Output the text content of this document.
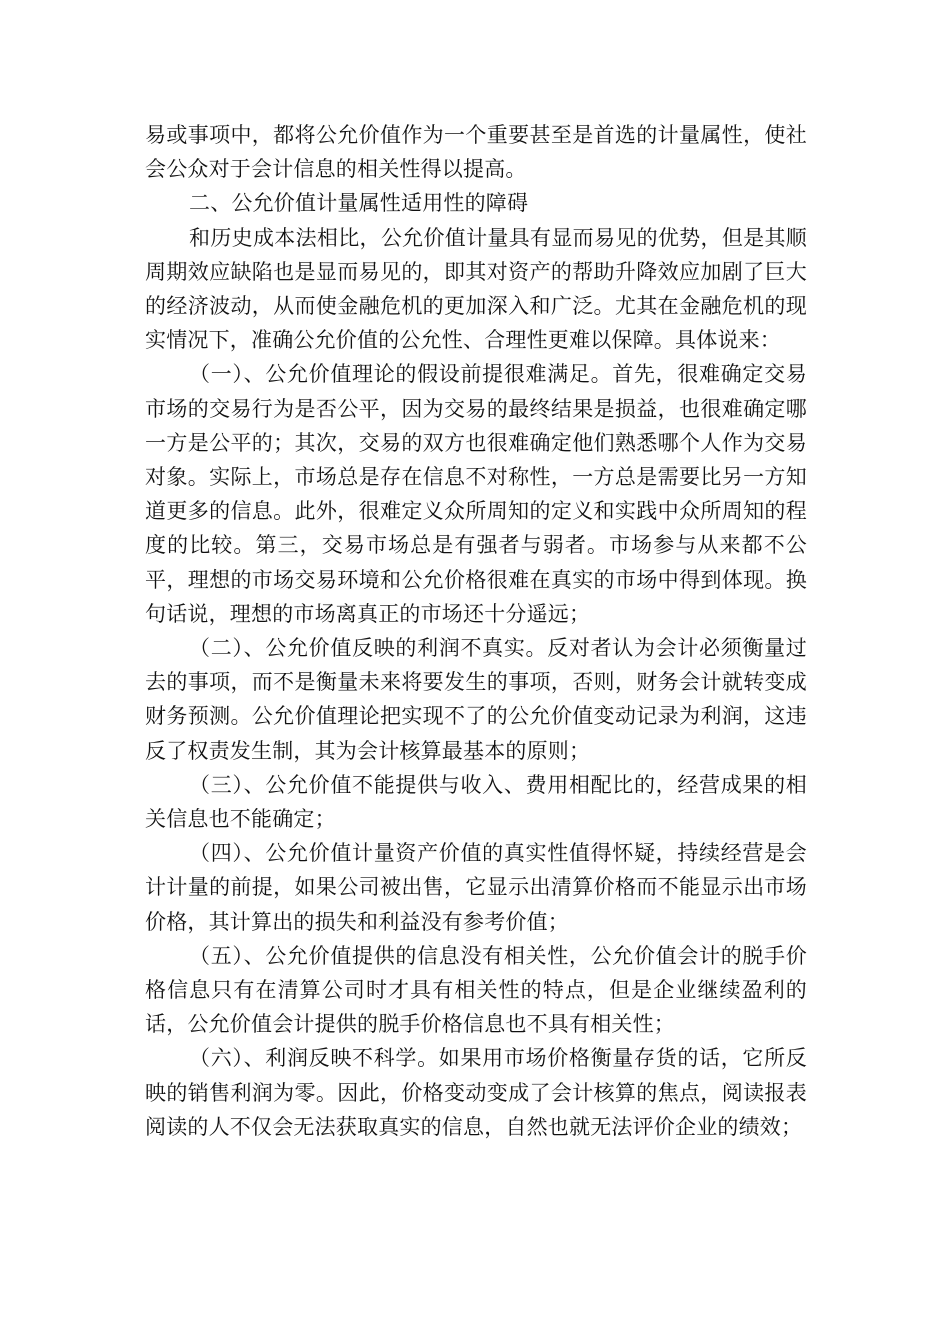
易或事项中，都将公允价值作为一个重要甚至是首选的计量属性，使社会公众对于会计信息的相关性得以提高。

二、公允价值计量属性适用性的障碍

和历史成本法相比，公允价值计量具有显而易见的优势，但是其顺周期效应缺陷也是显而易见的，即其对资产的帮助升降效应加剧了巨大的经济波动，从而使金融危机的更加深入和广泛。尤其在金融危机的现实情况下，准确公允价值的公允性、合理性更难以保障。具体说来：

（一）、公允价值理论的假设前提很难满足。首先，很难确定交易市场的交易行为是否公平，因为交易的最终结果是损益，也很难确定哪一方是公平的；其次，交易的双方也很难确定他们熟悉哪个人作为交易对象。实际上，市场总是存在信息不对称性，一方总是需要比另一方知道更多的信息。此外，很难定义众所周知的定义和实践中众所周知的程度的比较。第三，交易市场总是有强者与弱者。市场参与从来都不公平，理想的市场交易环境和公允价格很难在真实的市场中得到体现。换句话说，理想的市场离真正的市场还十分遥远；

（二）、公允价值反映的利润不真实。反对者认为会计必须衡量过去的事项，而不是衡量未来将要发生的事项，否则，财务会计就转变成财务预测。公允价值理论把实现不了的公允价值变动记录为利润，这违反了权责发生制，其为会计核算最基本的原则；

（三）、公允价值不能提供与收入、费用相配比的，经营成果的相关信息也不能确定；

（四）、公允价值计量资产价值的真实性值得怀疑，持续经营是会计计量的前提，如果公司被出售，它显示出清算价格而不能显示出市场价格，其计算出的损失和利益没有参考价值；

（五）、公允价值提供的信息没有相关性，公允价值会计的脱手价格信息只有在清算公司时才具有相关性的特点，但是企业继续盈利的话，公允价值会计提供的脱手价格信息也不具有相关性；

（六）、利润反映不科学。如果用市场价格衡量存货的话，它所反映的销售利润为零。因此，价格变动变成了会计核算的焦点，阅读报表阅读的人不仅会无法获取真实的信息，自然也就无法评价企业的绩效；
